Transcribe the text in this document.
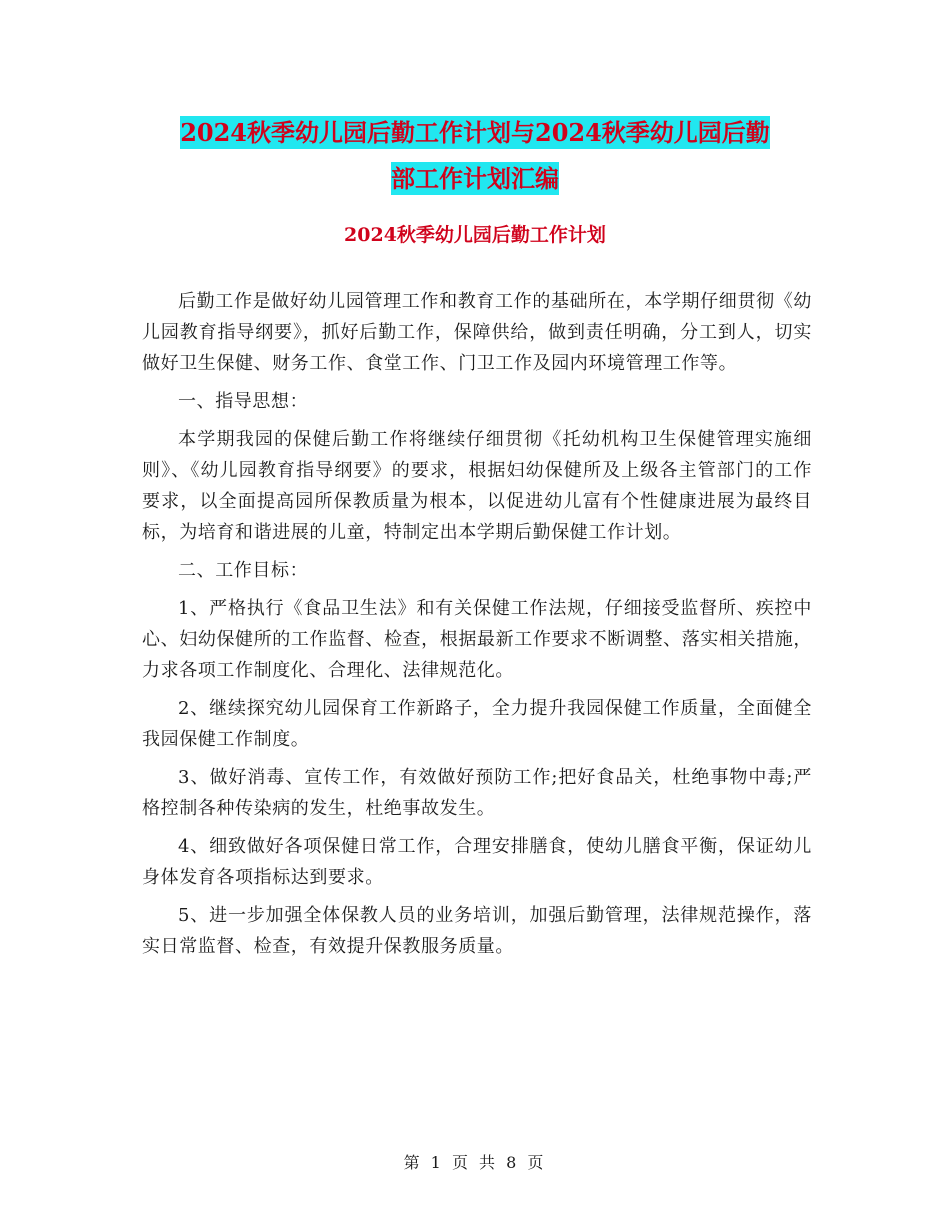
2024秋季幼儿园后勤工作计划与2024秋季幼儿园后勤
部工作计划汇编
2024秋季幼儿园后勤工作计划

后勤工作是做好幼儿园管理工作和教育工作的基础所在，本学期仔细贯彻《幼儿园教育指导纲要》，抓好后勤工作，保障供给，做到责任明确，分工到人，切实做好卫生保健、财务工作、食堂工作、门卫工作及园内环境管理工作等。

一、指导思想：

本学期我园的保健后勤工作将继续仔细贯彻《托幼机构卫生保健管理实施细则》、《幼儿园教育指导纲要》的要求，根据妇幼保健所及上级各主管部门的工作要求，以全面提高园所保教质量为根本，以促进幼儿富有个性健康进展为最终目标，为培育和谐进展的儿童，特制定出本学期后勤保健工作计划。

二、工作目标：

1、严格执行《食品卫生法》和有关保健工作法规，仔细接受监督所、疾控中心、妇幼保健所的工作监督、检查，根据最新工作要求不断调整、落实相关措施，力求各项工作制度化、合理化、法律规范化。

2、继续探究幼儿园保育工作新路子，全力提升我园保健工作质量，全面健全我园保健工作制度。

3、做好消毒、宣传工作，有效做好预防工作;把好食品关，杜绝事物中毒;严格控制各种传染病的发生，杜绝事故发生。

4、细致做好各项保健日常工作，合理安排膳食，使幼儿膳食平衡，保证幼儿身体发育各项指标达到要求。

5、进一步加强全体保教人员的业务培训，加强后勤管理，法律规范操作，落实日常监督、检查，有效提升保教服务质量。

第 1 页 共 8 页
